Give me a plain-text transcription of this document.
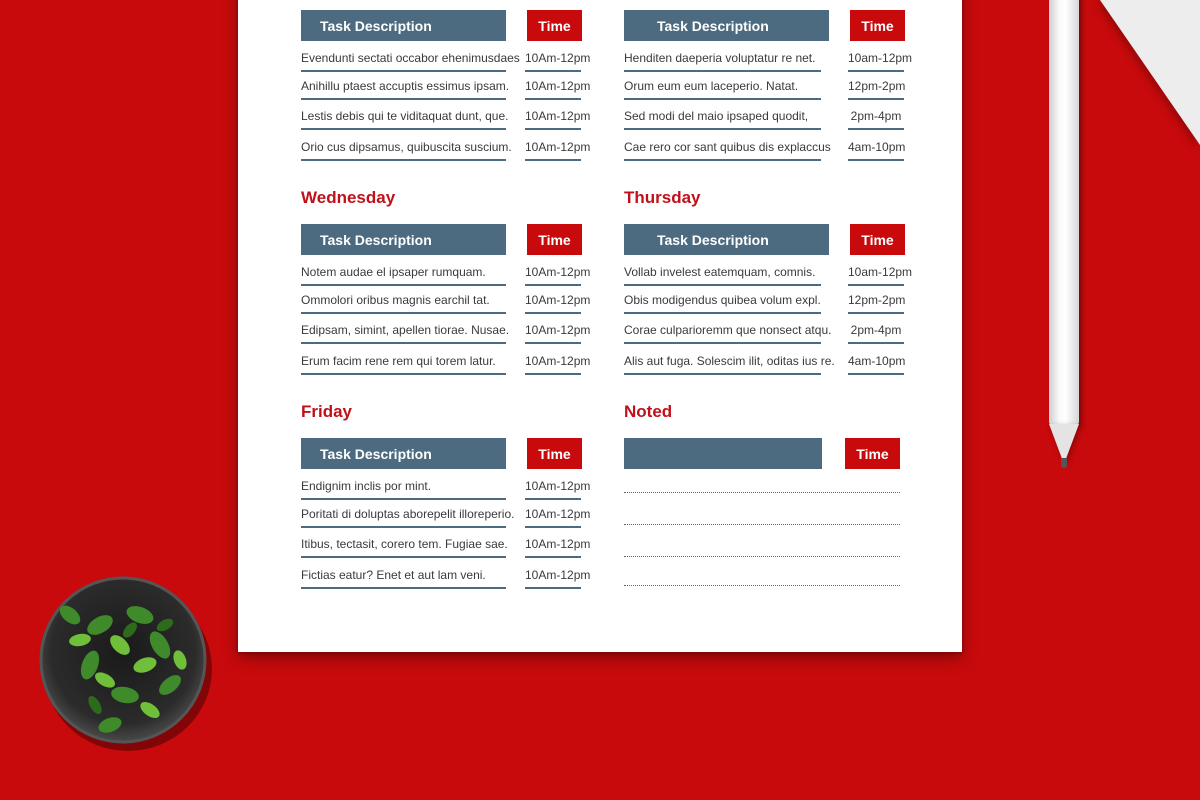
Task Description	Time
Evendunti sectati occabor ehenimusdaes 10Am-12pm
Anihillu ptaest accuptis essimus ipsam. 10Am-12pm
Lestis debis qui te viditaquat dunt, que. 10Am-12pm
Orio cus dipsamus, quibuscita suscium. 10Am-12pm
Task Description	Time
Henditen daeperia voluptatur re net.	10am-12pm
Orum eum eum laceperio. Natat.	12pm-2pm
Sed modi del maio ipsaped quodit,	2pm-4pm
Cae rero cor sant quibus dis explaccus 4am-10pm
Wednesday
Task Description	Time
Notem audae el ipsaper rumquam.	10Am-12pm
Ommolori oribus magnis earchil tat.	10Am-12pm
Edipsam, simint, apellen tiorae. Nusae. 10Am-12pm
Erum facim rene rem qui torem latur.	10Am-12pm
Thursday
Task Description	Time
Vollab invelest eatemquam, comnis.	10am-12pm
Obis modigendus quibea volum expl. 12pm-2pm
Corae culparioremm que nonsect atqu. 2pm-4pm
Alis aut fuga. Solescim ilit, oditas ius re. 4am-10pm
Friday
Task Description	Time
Endignim inclis por mint.	10Am-12pm
Poritati di doluptas aborepelit illoreperio. 10Am-12pm
Itibus, tectasit, corero tem. Fugiae sae. 10Am-12pm
Fictias eatur? Enet et aut lam veni.	10Am-12pm
Noted
Time
